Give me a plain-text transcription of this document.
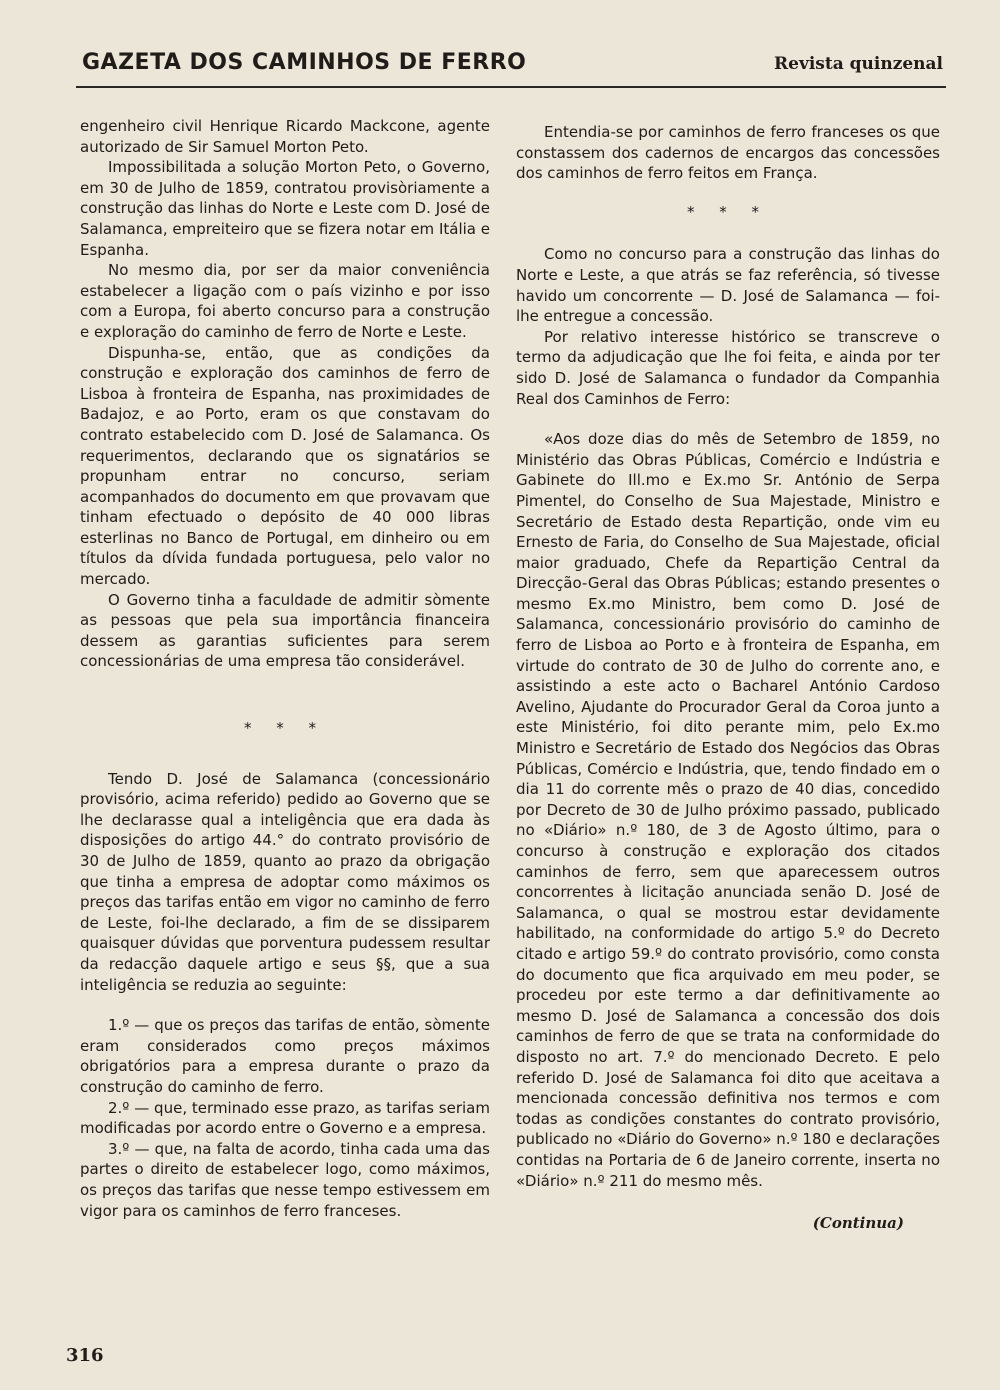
GAZETA DOS CAMINHOS DE FERRO	Revista quinzenal

engenheiro civil Henrique Ricardo Mackcone, agente autorizado de Sir Samuel Morton Peto.

Impossibilitada a solução Morton Peto, o Governo, em 30 de Julho de 1859, contratou provisòriamente a construção das linhas do Norte e Leste com D. José de Salamanca, empreiteiro que se fizera notar em Itália e Espanha.

No mesmo dia, por ser da maior conveniência estabelecer a ligação com o país vizinho e por isso com a Europa, foi aberto concurso para a construção e exploração do caminho de ferro de Norte e Leste.

Dispunha-se, então, que as condições da construção e exploração dos caminhos de ferro de Lisboa à fronteira de Espanha, nas proximidades de Badajoz, e ao Porto, eram os que constavam do contrato estabelecido com D. José de Salamanca. Os requerimentos, declarando que os signatários se propunham entrar no concurso, seriam acompanhados do documento em que provavam que tinham efectuado o depósito de 40 000 libras esterlinas no Banco de Portugal, em dinheiro ou em títulos da dívida fundada portuguesa, pelo valor no mercado.

O Governo tinha a faculdade de admitir sòmente as pessoas que pela sua importância financeira dessem as garantias suficientes para serem concessionárias de uma empresa tão considerável.

* * *

Tendo D. José de Salamanca (concessionário provisório, acima referido) pedido ao Governo que se lhe declarasse qual a inteligência que era dada às disposições do artigo 44.° do contrato provisório de 30 de Julho de 1859, quanto ao prazo da obrigação que tinha a empresa de adoptar como máximos os preços das tarifas então em vigor no caminho de ferro de Leste, foi-lhe declarado, a fim de se dissiparem quaisquer dúvidas que porventura pudessem resultar da redacção daquele artigo e seus §§, que a sua inteligência se reduzia ao seguinte:

1.º — que os preços das tarifas de então, sòmente eram considerados como preços máximos obrigatórios para a empresa durante o prazo da construção do caminho de ferro.

2.º — que, terminado esse prazo, as tarifas seriam modificadas por acordo entre o Governo e a empresa.

3.º — que, na falta de acordo, tinha cada uma das partes o direito de estabelecer logo, como máximos, os preços das tarifas que nesse tempo estivessem em vigor para os caminhos de ferro franceses.

Entendia-se por caminhos de ferro franceses os que constassem dos cadernos de encargos das concessões dos caminhos de ferro feitos em França.

* * *

Como no concurso para a construção das linhas do Norte e Leste, a que atrás se faz referência, só tivesse havido um concorrente — D. José de Salamanca — foi-lhe entregue a concessão.

Por relativo interesse histórico se transcreve o termo da adjudicação que lhe foi feita, e ainda por ter sido D. José de Salamanca o fundador da Companhia Real dos Caminhos de Ferro:

«Aos doze dias do mês de Setembro de 1859, no Ministério das Obras Públicas, Comércio e Indústria e Gabinete do Ill.mo e Ex.mo Sr. António de Serpa Pimentel, do Conselho de Sua Majestade, Ministro e Secretário de Estado desta Repartição, onde vim eu Ernesto de Faria, do Conselho de Sua Majestade, oficial maior graduado, Chefe da Repartição Central da Direcção-Geral das Obras Públicas; estando presentes o mesmo Ex.mo Ministro, bem como D. José de Salamanca, concessionário provisório do caminho de ferro de Lisboa ao Porto e à fronteira de Espanha, em virtude do contrato de 30 de Julho do corrente ano, e assistindo a este acto o Bacharel António Cardoso Avelino, Ajudante do Procurador Geral da Coroa junto a este Ministério, foi dito perante mim, pelo Ex.mo Ministro e Secretário de Estado dos Negócios das Obras Públicas, Comércio e Indústria, que, tendo findado em o dia 11 do corrente mês o prazo de 40 dias, concedido por Decreto de 30 de Julho próximo passado, publicado no «Diário» n.º 180, de 3 de Agosto último, para o concurso à construção e exploração dos citados caminhos de ferro, sem que aparecessem outros concorrentes à licitação anunciada senão D. José de Salamanca, o qual se mostrou estar devidamente habilitado, na conformidade do artigo 5.º do Decreto citado e artigo 59.º do contrato provisório, como consta do documento que fica arquivado em meu poder, se procedeu por este termo a dar definitivamente ao mesmo D. José de Salamanca a concessão dos dois caminhos de ferro de que se trata na conformidade do disposto no art. 7.º do mencionado Decreto. E pelo referido D. José de Salamanca foi dito que aceitava a mencionada concessão definitiva nos termos e com todas as condições constantes do contrato provisório, publicado no «Diário do Governo» n.º 180 e declarações contidas na Portaria de 6 de Janeiro corrente, inserta no «Diário» n.º 211 do mesmo mês.

(Continua)
316
